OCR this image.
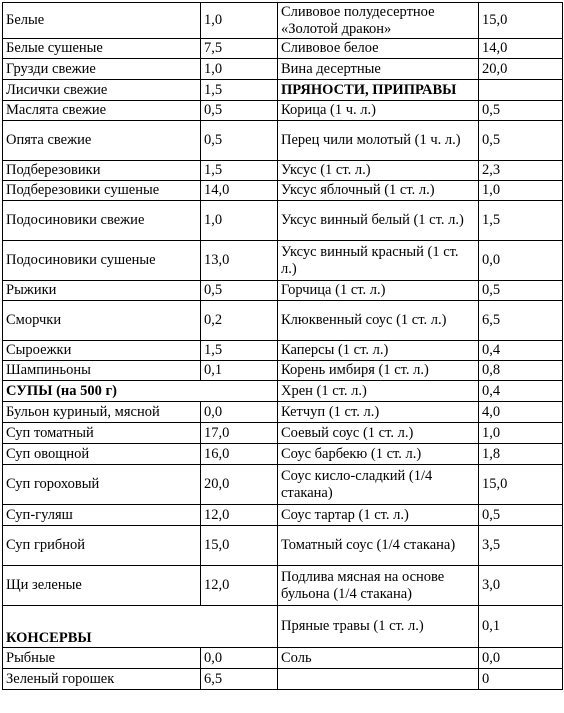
Белые	1,0	Сливовое полудесертное «Золотой дракон»	15,0
Белые сушеные	7,5	Сливовое белое	14,0
Грузди свежие	1,0	Вина десертные	20,0
Лисички свежие	1,5	ПРЯНОСТИ, ПРИПРАВЫ	
Маслята свежие	0,5	Корица (1 ч. л.)	0,5
Опята свежие	0,5	Перец чили молотый (1 ч. л.)	0,5
Подберезовики	1,5	Уксус (1 ст. л.)	2,3
Подберезовики сушеные	14,0	Уксус яблочный (1 ст. л.)	1,0
Подосиновики свежие	1,0	Уксус винный белый (1 ст. л.)	1,5
Подосиновики сушеные	13,0	Уксус винный красный (1 ст. л.)	0,0
Рыжики	0,5	Горчица (1 ст. л.)	0,5
Сморчки	0,2	Клюквенный соус (1 ст. л.)	6,5
Сыроежки	1,5	Каперсы (1 ст. л.)	0,4
Шампиньоны	0,1	Корень имбиря (1 ст. л.)	0,8
СУПЫ (на 500 г)		Хрен (1 ст. л.)	0,4
Бульон куриный, мясной	0,0	Кетчуп (1 ст. л.)	4,0
Суп томатный	17,0	Соевый соус (1 ст. л.)	1,0
Суп овощной	16,0	Соус барбекю (1 ст. л.)	1,8
Суп гороховый	20,0	Соус кисло-сладкий (1/4 стакана)	15,0
Суп-гуляш	12,0	Соус тартар (1 ст. л.)	0,5
Суп грибной	15,0	Томатный соус (1/4 стакана)	3,5
Щи зеленые	12,0	Подлива мясная на основе бульона (1/4 стакана)	3,0
КОНСЕРВЫ		Пряные травы (1 ст. л.)	0,1
Рыбные	0,0	Соль	0,0
Зеленый горошек	6,5		0
